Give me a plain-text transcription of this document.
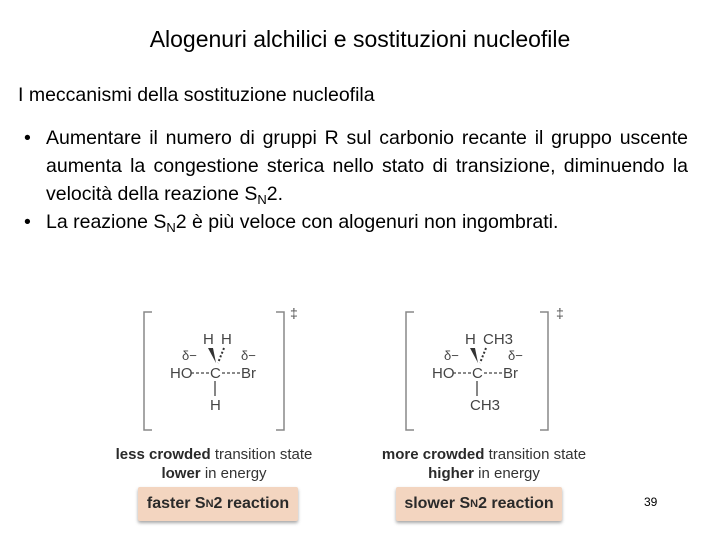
Alogenuri alchilici e sostituzioni nucleofile
I meccanismi della sostituzione nucleofila

• Aumentare il numero di gruppi R sul carbonio recante il gruppo uscente aumenta la congestione sterica nello stato di transizione, diminuendo la velocità della reazione $S_N2$.

• La reazione $S_N2$ è più veloce con alogenuri non ingombrati.

‡
H H
δ−	δ−
HO C Br
H
‡
H CH3
δ−	δ−
HO C Br
CH3
less crowded transition state
lower in energy
more crowded transition state
higher in energy
faster S N 2 reaction	slower S N 2 reaction	39
